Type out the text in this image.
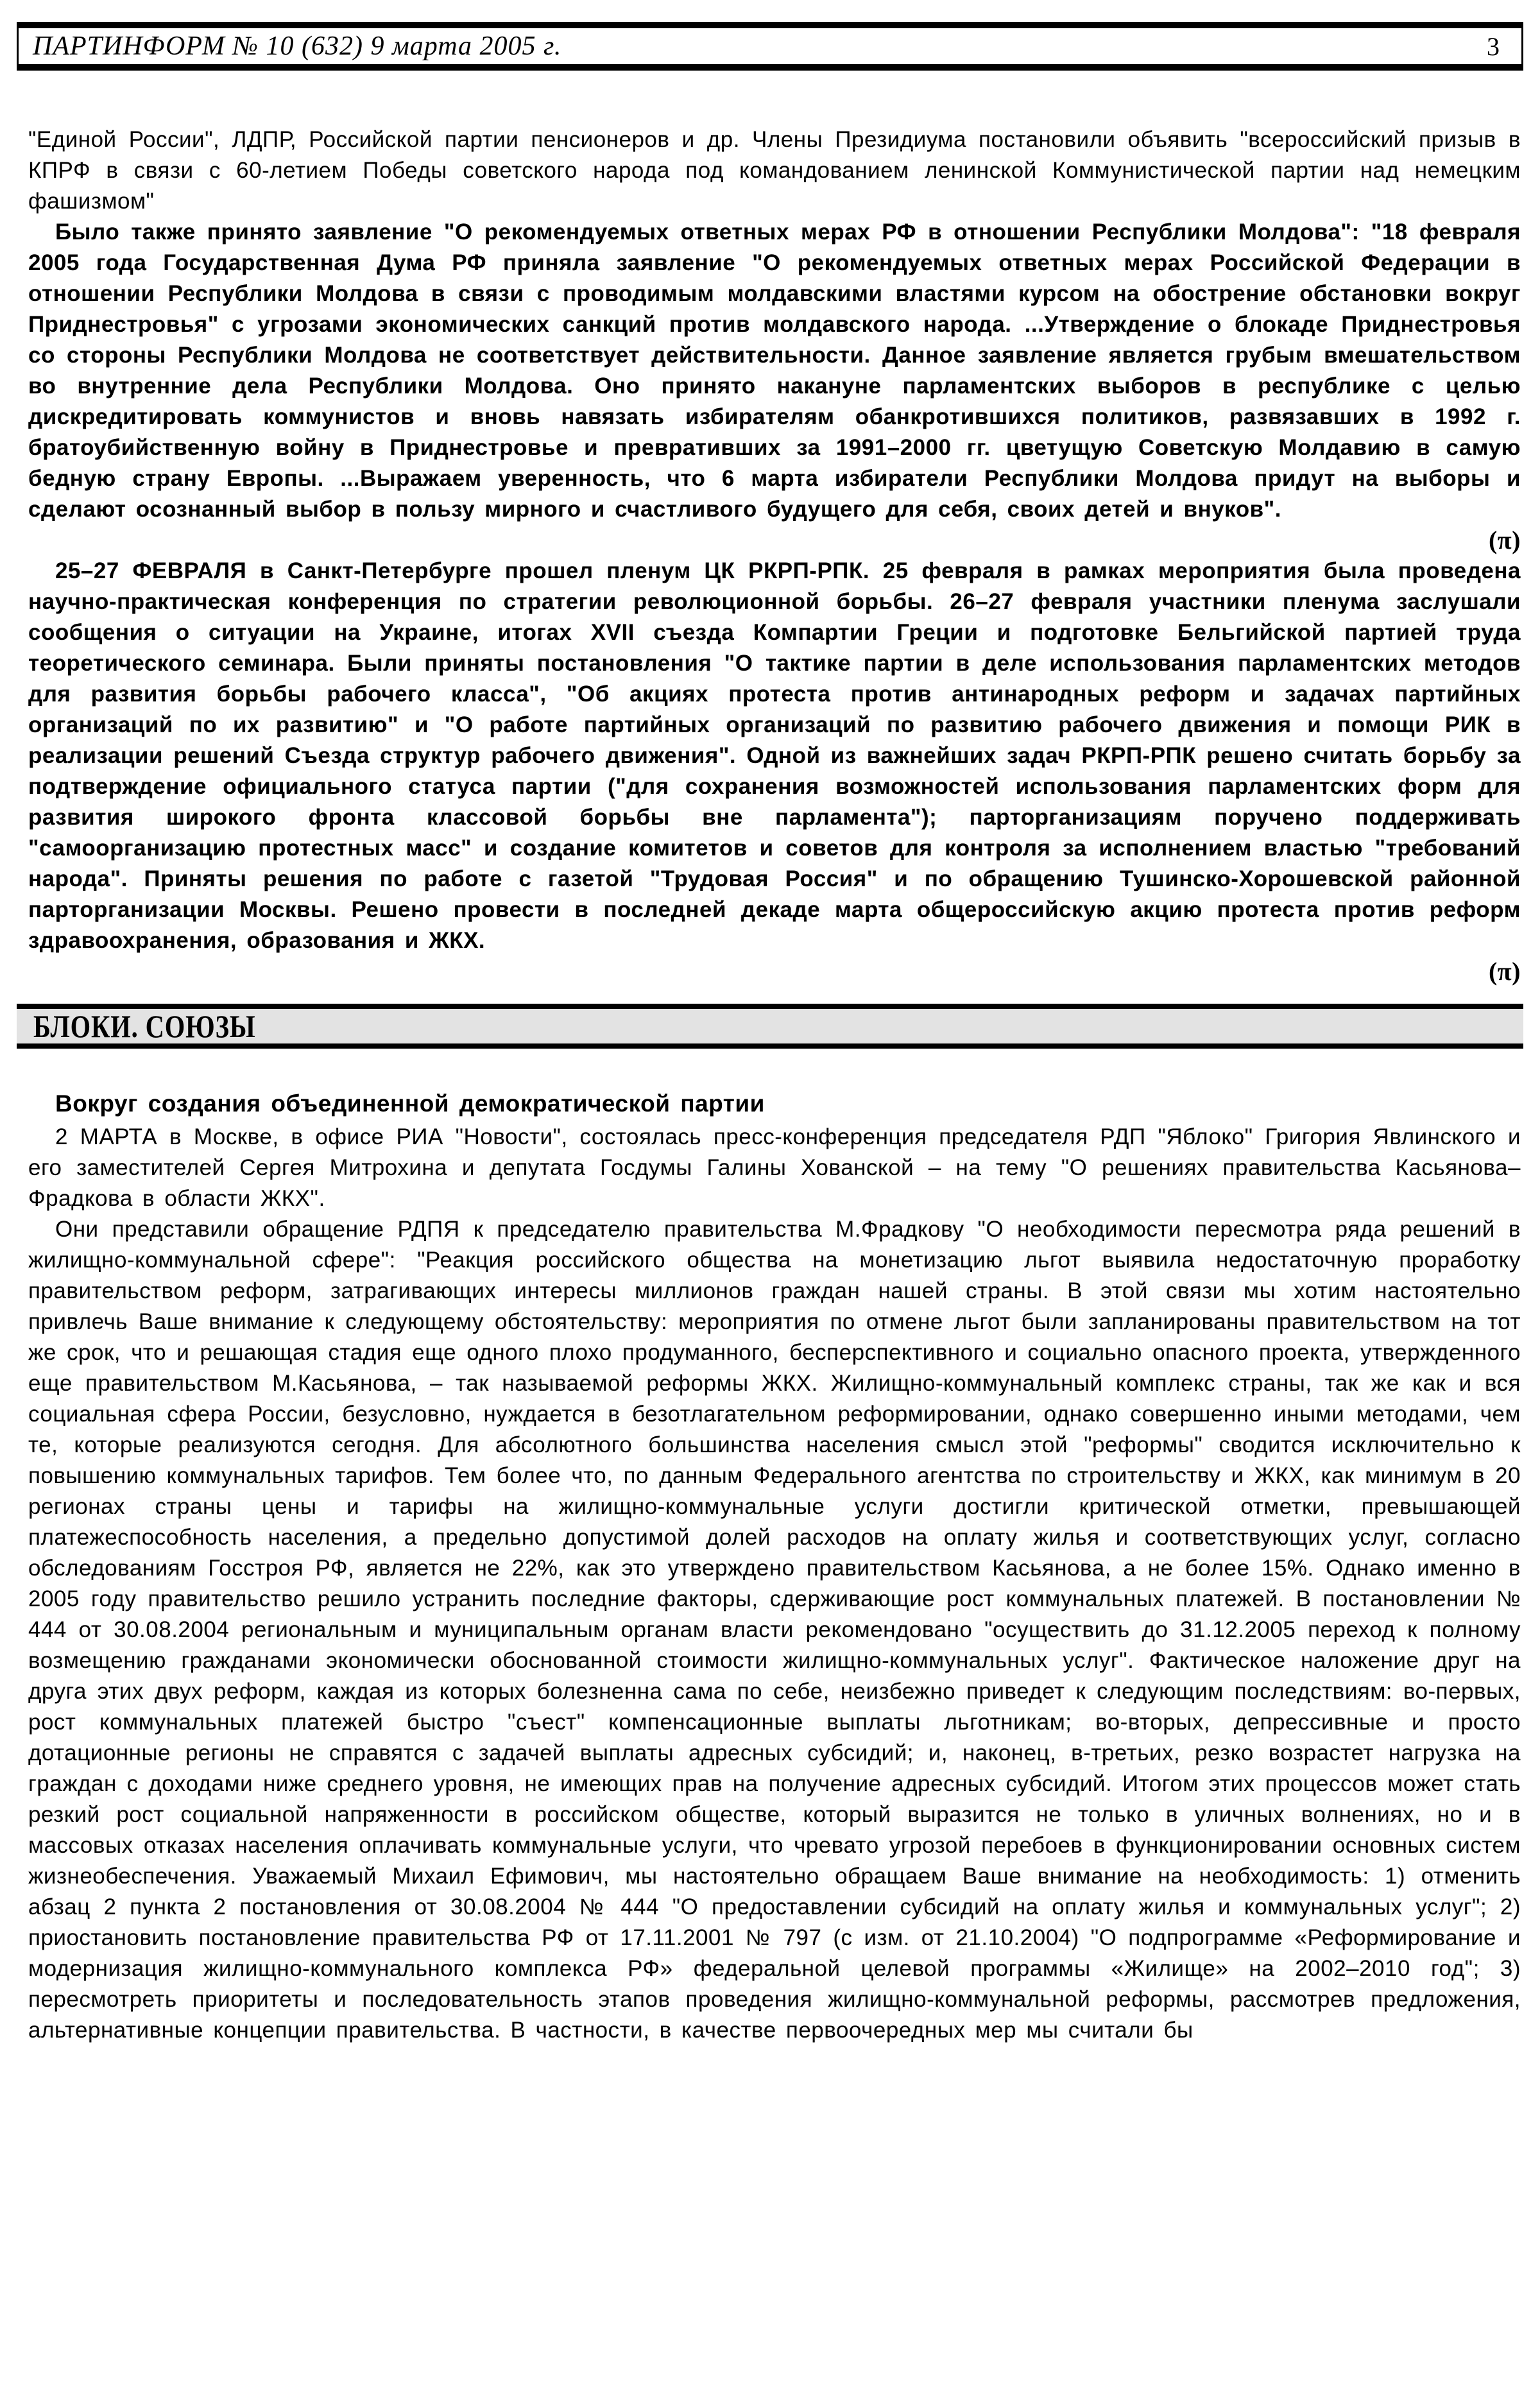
ПАРТИНФОРМ № 10 (632) 9 марта 2005 г.	3

"Единой России", ЛДПР, Российской партии пенсионеров и др. Члены Президиума постановили объявить "всероссийский призыв в КПРФ в связи с 60-летием Победы советского народа под командованием ленинской Коммунистической партии над немецким фашизмом"

Было также принято заявление "О рекомендуемых ответных мерах РФ в отношении Республики Молдова": "18 февраля 2005 года Государственная Дума РФ приняла заявление "О рекомендуемых ответных мерах Российской Федерации в отношении Республики Молдова в связи с проводимым молдавскими властями курсом на обострение обстановки вокруг Приднестровья" с угрозами экономических санкций против молдавского народа. ...Утверждение о блокаде Приднестровья со стороны Республики Молдова не соответствует действительности. Данное заявление является грубым вмешательством во внутренние дела Республики Молдова. Оно принято накануне парламентских выборов в республике с целью дискредитировать коммунистов и вновь навязать избирателям обанкротившихся политиков, развязавших в 1992 г. братоубийственную войну в Приднестровье и превративших за 1991–2000 гг. цветущую Советскую Молдавию в самую бедную страну Европы. ...Выражаем уверенность, что 6 марта избиратели Республики Молдова придут на выборы и сделают осознанный выбор в пользу мирного и счастливого будущего для себя, своих детей и внуков".

(π)

25–27 ФЕВРАЛЯ в Санкт-Петербурге прошел пленум ЦК РКРП-РПК. 25 февраля в рамках мероприятия была проведена научно-практическая конференция по стратегии революционной борьбы. 26–27 февраля участники пленума заслушали сообщения о ситуации на Украине, итогах XVII съезда Компартии Греции и подготовке Бельгийской партией труда теоретического семинара. Были приняты постановления "О тактике партии в деле использования парламентских методов для развития борьбы рабочего класса", "Об акциях протеста против антинародных реформ и задачах партийных организаций по их развитию" и "О работе партийных организаций по развитию рабочего движения и помощи РИК в реализации решений Съезда структур рабочего движения". Одной из важнейших задач РКРП-РПК решено считать борьбу за подтверждение официального статуса партии ("для сохранения возможностей использования парламентских форм для развития широкого фронта классовой борьбы вне парламента"); парторганизациям поручено поддерживать "самоорганизацию протестных масс" и создание комитетов и советов для контроля за исполнением властью "требований народа". Приняты решения по работе с газетой "Трудовая Россия" и по обращению Тушинско-Хорошевской районной парторганизации Москвы. Решено провести в последней декаде марта общероссийскую акцию протеста против реформ здравоохранения, образования и ЖКХ.

(π)

БЛОКИ. СОЮЗЫ

Вокруг создания объединенной демократической партии

2 МАРТА в Москве, в офисе РИА "Новости", состоялась пресс-конференция председателя РДП "Яблоко" Григория Явлинского и его заместителей Сергея Митрохина и депутата Госдумы Галины Хованской – на тему "О решениях правительства Касьянова–Фрадкова в области ЖКХ".

Они представили обращение РДПЯ к председателю правительства М.Фрадкову "О необходимости пересмотра ряда решений в жилищно-коммунальной сфере": "Реакция российского общества на монетизацию льгот выявила недостаточную проработку правительством реформ, затрагивающих интересы миллионов граждан нашей страны. В этой связи мы хотим настоятельно привлечь Ваше внимание к следующему обстоятельству: мероприятия по отмене льгот были запланированы правительством на тот же срок, что и решающая стадия еще одного плохо продуманного, бесперспективного и социально опасного проекта, утвержденного еще правительством М.Касьянова, – так называемой реформы ЖКХ. Жилищно-коммунальный комплекс страны, так же как и вся социальная сфера России, безусловно, нуждается в безотлагательном реформировании, однако совершенно иными методами, чем те, которые реализуются сегодня. Для абсолютного большинства населения смысл этой "реформы" сводится исключительно к повышению коммунальных тарифов. Тем более что, по данным Федерального агентства по строительству и ЖКХ, как минимум в 20 регионах страны цены и тарифы на жилищно-коммунальные услуги достигли критической отметки, превышающей платежеспособность населения, а предельно допустимой долей расходов на оплату жилья и соответствующих услуг, согласно обследованиям Госстроя РФ, является не 22%, как это утверждено правительством Касьянова, а не более 15%. Однако именно в 2005 году правительство решило устранить последние факторы, сдерживающие рост коммунальных платежей. В постановлении № 444 от 30.08.2004 региональным и муниципальным органам власти рекомендовано "осуществить до 31.12.2005 переход к полному возмещению гражданами экономически обоснованной стоимости жилищно-коммунальных услуг". Фактическое наложение друг на друга этих двух реформ, каждая из которых болезненна сама по себе, неизбежно приведет к следующим последствиям: во-первых, рост коммунальных платежей быстро "съест" компенсационные выплаты льготникам; во-вторых, депрессивные и просто дотационные регионы не справятся с задачей выплаты адресных субсидий; и, наконец, в-третьих, резко возрастет нагрузка на граждан с доходами ниже среднего уровня, не имеющих прав на получение адресных субсидий. Итогом этих процессов может стать резкий рост социальной напряженности в российском обществе, который выразится не только в уличных волнениях, но и в массовых отказах населения оплачивать коммунальные услуги, что чревато угрозой перебоев в функционировании основных систем жизнеобеспечения. Уважаемый Михаил Ефимович, мы настоятельно обращаем Ваше внимание на необходимость: 1) отменить абзац 2 пункта 2 постановления от 30.08.2004 № 444 "О предоставлении субсидий на оплату жилья и коммунальных услуг"; 2) приостановить постановление правительства РФ от 17.11.2001 № 797 (с изм. от 21.10.2004) "О подпрограмме «Реформирование и модернизация жилищно-коммунального комплекса РФ» федеральной целевой программы «Жилище» на 2002–2010 год"; 3) пересмотреть приоритеты и последовательность этапов проведения жилищно-коммунальной реформы, рассмотрев предложения, альтернативные концепции правительства. В частности, в качестве первоочередных мер мы считали бы
